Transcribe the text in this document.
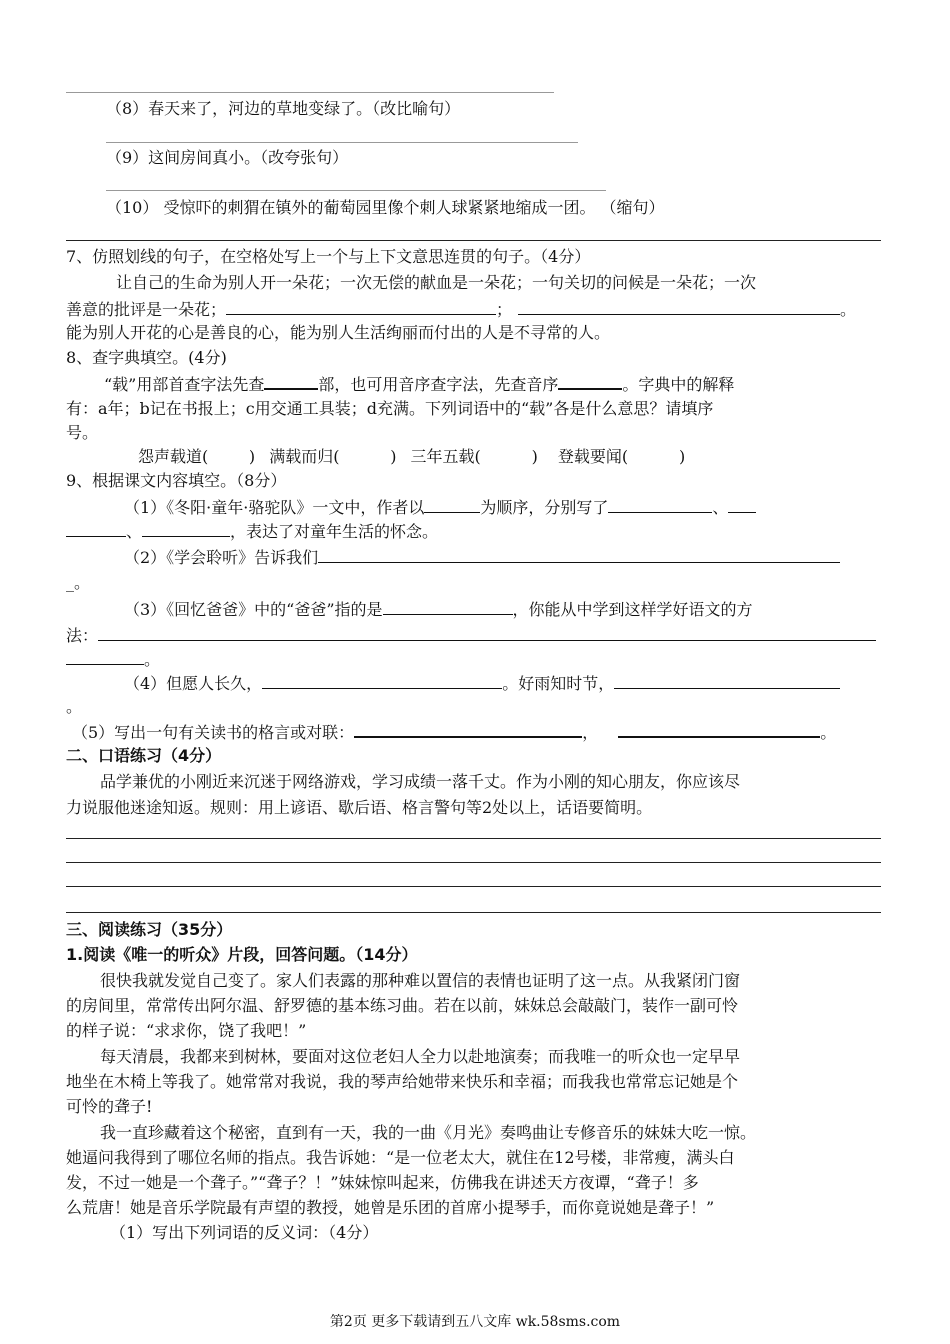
（8）春天来了，河边的草地变绿了。（改比喻句）
（9）这间房间真小。（改夸张句）
（10） 受惊吓的刺猬在镇外的葡萄园里像个刺人球紧紧地缩成一团。 （缩句）
7、仿照划线的句子，在空格处写上一个与上下文意思连贯的句子。（4分）
让自己的生命为别人开一朵花；一次无偿的献血是一朵花；一句关切的问候是一朵花；一次
善意的批评是一朵花；	；	。
能为别人开花的心是善良的心，能为别人生活绚丽而付出的人是不寻常的人。
8、查字典填空。(4分)
“载”用部首查字法先查	部，也可用音序查字法，先查音序	。字典中的解释
有：a年；b记在书报上；c用交通工具装；d充满。下列词语中的“载”各是什么意思？请填序
号。
怨声载道(        ) 满载而归(          ) 三年五载(          ) 登载要闻(          )
9、根据课文内容填空。（8分）
（1）《冬阳·童年·骆驼队》一文中，作者以	为顺序，分别写了	、
、	，表达了对童年生活的怀念。
（2）《学会聆听》告诉我们
_。
（3）《回忆爸爸》中的“爸爸”指的是	，你能从中学到这样学好语文的方
法：
。
（4）但愿人长久，	。好雨知时节，
。
（5）写出一句有关读书的格言或对联：	，	。
二、口语练习（4分）
品学兼优的小刚近来沉迷于网络游戏，学习成绩一落千丈。作为小刚的知心朋友，你应该尽
力说服他迷途知返。规则：用上谚语、歇后语、格言警句等2处以上，话语要简明。
三、阅读练习（35分）
1.阅读《唯一的听众》片段，回答问题。（14分）
很快我就发觉自己变了。家人们表露的那种难以置信的表情也证明了这一点。从我紧闭门窗
的房间里，常常传出阿尔温、舒罗德的基本练习曲。若在以前，妹妹总会敲敲门，装作一副可怜
的样子说：“求求你，饶了我吧！”
每天清晨，我都来到树林，要面对这位老妇人全力以赴地演奏；而我唯一的听众也一定早早
地坐在木椅上等我了。她常常对我说，我的琴声给她带来快乐和幸福；而我我也常常忘记她是个
可怜的聋子!
我一直珍藏着这个秘密，直到有一天，我的一曲《月光》奏鸣曲让专修音乐的妹妹大吃一惊。
她逼问我得到了哪位名师的指点。我告诉她：“是一位老太大，就住在12号楼，非常瘦，满头白
发，不过一她是一个聋子。”“聋子？！”妹妹惊叫起来，仿佛我在讲述天方夜谭，“聋子！多
么荒唐！她是音乐学院最有声望的教授，她曾是乐团的首席小提琴手，而你竟说她是聋子！”
（1）写出下列词语的反义词：（4分）
第2页 更多下载请到五八文库 wk.58sms.com
